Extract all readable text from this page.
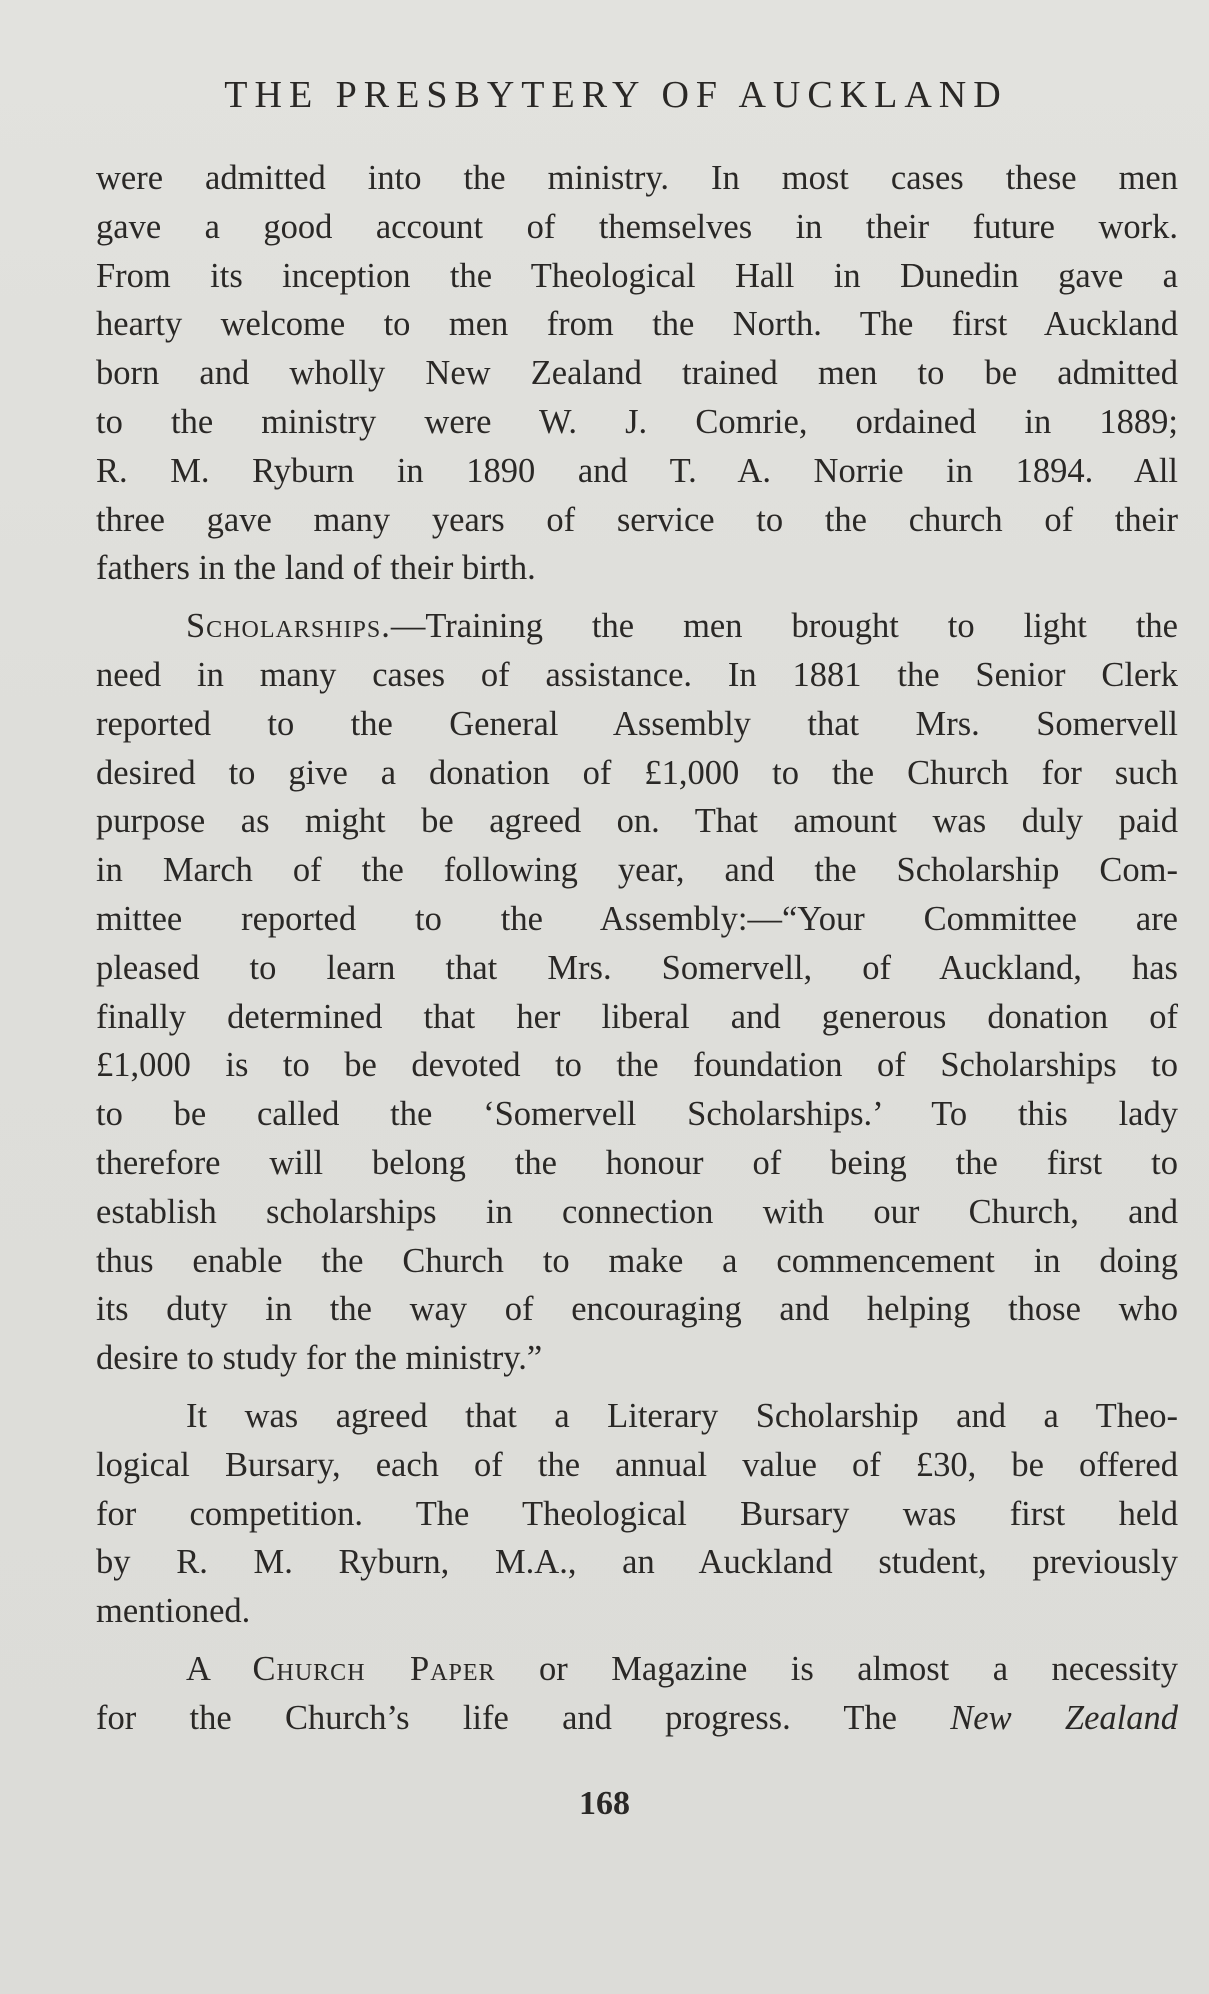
THE PRESBYTERY OF AUCKLAND
were admitted into the ministry. In most cases these men
gave a good account of themselves in their future work.
From its inception the Theological Hall in Dunedin gave a
hearty welcome to men from the North. The first Auckland
born and wholly New Zealand trained men to be admitted
to the ministry were W. J. Comrie, ordained in 1889;
R. M. Ryburn in 1890 and T. A. Norrie in 1894. All
three gave many years of service to the church of their
fathers in the land of their birth.
Scholarships.—Training the men brought to light the
need in many cases of assistance. In 1881 the Senior Clerk
reported to the General Assembly that Mrs. Somervell
desired to give a donation of £1,000 to the Church for such
purpose as might be agreed on. That amount was duly paid
in March of the following year, and the Scholarship Com-
mittee reported to the Assembly:—“Your Committee are
pleased to learn that Mrs. Somervell, of Auckland, has
finally determined that her liberal and generous donation of
£1,000 is to be devoted to the foundation of Scholarships to
to be called the ‘Somervell Scholarships.’ To this lady
therefore will belong the honour of being the first to
establish scholarships in connection with our Church, and
thus enable the Church to make a commencement in doing
its duty in the way of encouraging and helping those who
desire to study for the ministry.”
It was agreed that a Literary Scholarship and a Theo-
logical Bursary, each of the annual value of £30, be offered
for competition. The Theological Bursary was first held
by R. M. Ryburn, M.A., an Auckland student, previously
mentioned.
A Church Paper or Magazine is almost a necessity
for the Church’s life and progress. The New Zealand
168
